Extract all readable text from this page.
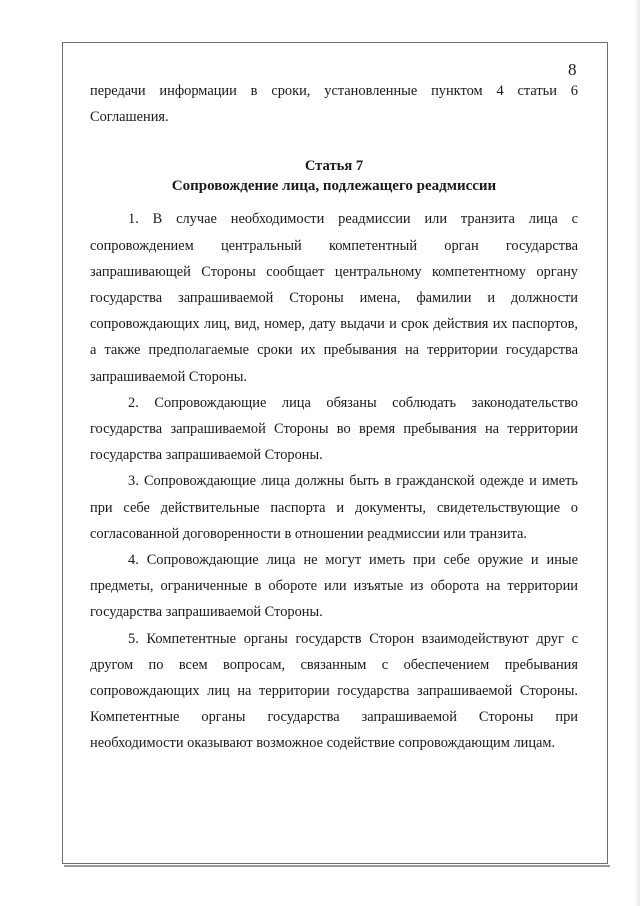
8

передачи информации в сроки, установленные пунктом 4 статьи 6 Соглашения.

Статья 7
Сопровождение лица, подлежащего реадмиссии

1. В случае необходимости реадмиссии или транзита лица с сопровождением центральный компетентный орган государства запрашивающей Стороны сообщает центральному компетентному органу государства запрашиваемой Стороны имена, фамилии и должности сопровождающих лиц, вид, номер, дату выдачи и срок действия их паспортов, а также предполагаемые сроки их пребывания на территории государства запрашиваемой Стороны.

2. Сопровождающие лица обязаны соблюдать законодательство государства запрашиваемой Стороны во время пребывания на территории государства запрашиваемой Стороны.

3. Сопровождающие лица должны быть в гражданской одежде и иметь при себе действительные паспорта и документы, свидетельствующие о согласованной договоренности в отношении реадмиссии или транзита.

4. Сопровождающие лица не могут иметь при себе оружие и иные предметы, ограниченные в обороте или изъятые из оборота на территории государства запрашиваемой Стороны.

5. Компетентные органы государств Сторон взаимодействуют друг с другом по всем вопросам, связанным с обеспечением пребывания сопровождающих лиц на территории государства запрашиваемой Стороны. Компетентные органы государства запрашиваемой Стороны при необходимости оказывают возможное содействие сопровождающим лицам.
